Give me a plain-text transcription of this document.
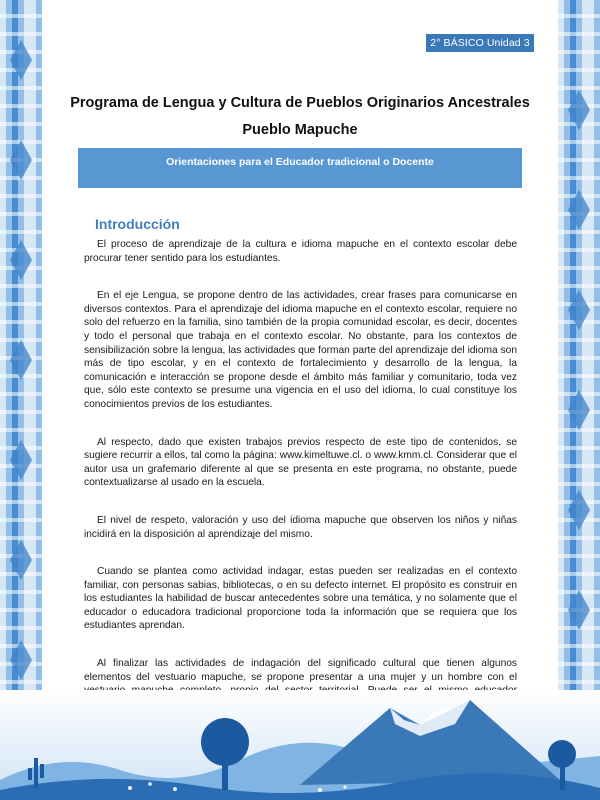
2° BÁSICO Unidad 3
Programa de Lengua y Cultura de Pueblos Originarios Ancestrales
Pueblo Mapuche
Orientaciones para el Educador tradicional o Docente
Introducción

El proceso de aprendizaje de la cultura e idioma mapuche en el contexto escolar debe procurar tener sentido para los estudiantes.

En el eje Lengua, se propone dentro de las actividades, crear frases para comunicarse en diversos contextos. Para el aprendizaje del idioma mapuche en el contexto escolar, requiere no solo del refuerzo en la familia, sino también de la propia comunidad escolar, es decir, docentes y todo el personal que trabaja en el contexto escolar. No obstante, para los contextos de sensibilización sobre la lengua, las actividades que forman parte del aprendizaje del idioma son más de tipo escolar, y en el contexto de fortalecimiento y desarrollo de la lengua, la comunicación e interacción se propone desde el ámbito más familiar y comunitario, toda vez que, sólo este contexto se presume una vigencia en el uso del idioma, lo cual constituye los conocimientos previos de los estudiantes.

Al respecto, dado que existen trabajos previos respecto de este tipo de contenidos, se sugiere recurrir a ellos, tal como la página: www.kimeltuwe.cl. o www.kmm.cl. Considerar que el autor usa un grafemario diferente al que se presenta en este programa, no obstante, puede contextualizarse al usado en la escuela.

El nivel de respeto, valoración y uso del idioma mapuche que observen los niños y niñas incidirá en la disposición al aprendizaje del mismo.

Cuando se plantea como actividad indagar, estas pueden ser realizadas en el contexto familiar, con personas sabias, bibliotecas, o en su defecto internet. El propósito es construir en los estudiantes la habilidad de buscar antecedentes sobre una temática, y no solamente que el educador o educadora tradicional proporcione toda la información que se requiera que los estudiantes aprendan.

Al finalizar las actividades de indagación del significado cultural que tienen algunos elementos del vestuario mapuche, se propone presentar a una mujer y un hombre con el
